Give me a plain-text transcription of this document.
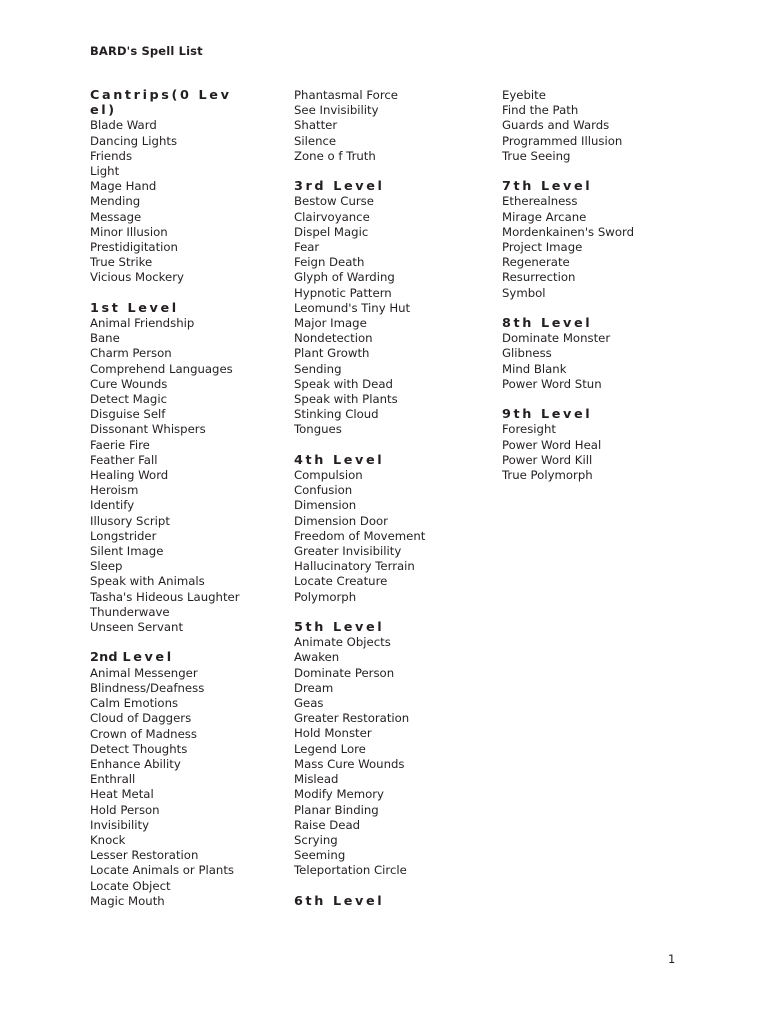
BARD's Spell List
Cantrips(0 Lev
el)
Blade Ward
Dancing Lights
Friends
Light
Mage Hand
Mending
Message
Minor Illusion
Prestidigitation
True Strike
Vicious Mockery
1st Level
Animal Friendship
Bane
Charm Person
Comprehend Languages
Cure Wounds
Detect Magic
Disguise Self
Dissonant Whispers
Faerie Fire
Feather Fall
Healing Word
Heroism
Identify
Illusory Script
Longstrider
Silent Image
Sleep
Speak with Animals
Tasha's Hideous Laughter
Thunderwave
Unseen Servant
2nd Level
Animal Messenger
Blindness/Deafness
Calm Emotions
Cloud of Daggers
Crown of Madness
Detect Thoughts
Enhance Ability
Enthrall
Heat Metal
Hold Person
Invisibility
Knock
Lesser Restoration
Locate Animals or Plants
Locate Object
Magic Mouth
Phantasmal Force
See Invisibility
Shatter
Silence
Zone o f Truth
3rd Level
Bestow Curse
Clairvoyance
Dispel Magic
Fear
Feign Death
Glyph of Warding
Hypnotic Pattern
Leomund's Tiny Hut
Major Image
Nondetection
Plant Growth
Sending
Speak with Dead
Speak with Plants
Stinking Cloud
Tongues
4th Level
Compulsion
Confusion
Dimension
Dimension Door
Freedom of Movement
Greater Invisibility
Hallucinatory Terrain
Locate Creature
Polymorph
5th Level
Animate Objects
Awaken
Dominate Person
Dream
Geas
Greater Restoration
Hold Monster
Legend Lore
Mass Cure Wounds
Mislead
Modify Memory
Planar Binding
Raise Dead
Scrying
Seeming
Teleportation Circle
6th Level
Eyebite
Find the Path
Guards and Wards
Programmed Illusion
True Seeing
7th Level
Etherealness
Mirage Arcane
Mordenkainen's Sword
Project Image
Regenerate
Resurrection
Symbol
8th Level
Dominate Monster
Glibness
Mind Blank
Power Word Stun
9th Level
Foresight
Power Word Heal
Power Word Kill
True Polymorph
1
